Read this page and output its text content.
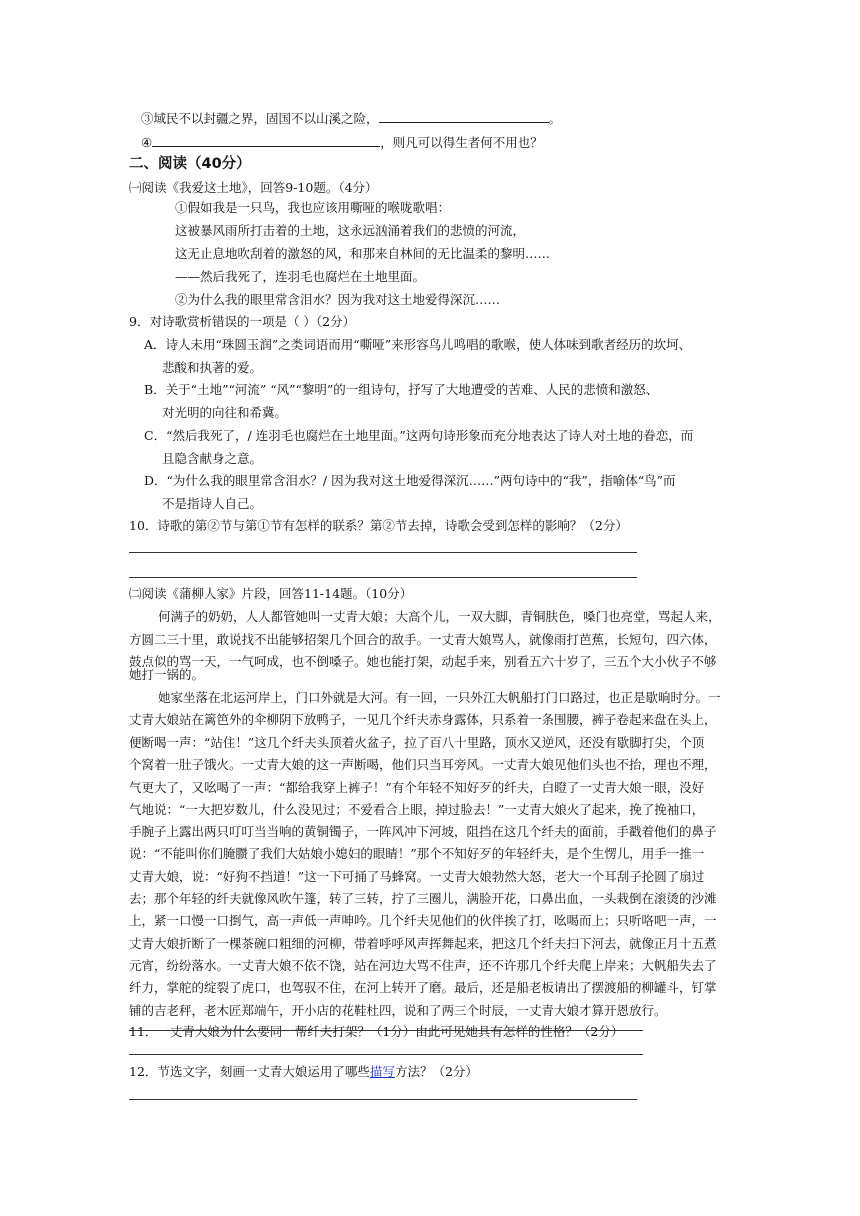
③域民不以封疆之界，固国不以山溪之险，	。
④	，则凡可以得生者何不用也？
二、阅读（40分）
㈠阅读《我爱这土地》，回答9-10题。（4分）
①假如我是一只鸟，我也应该用嘶哑的喉咙歌唱：
这被暴风雨所打击着的土地，这永远汹涌着我们的悲愤的河流，
这无止息地吹刮着的激怒的风，和那来自林间的无比温柔的黎明……
——然后我死了，连羽毛也腐烂在土地里面。
②为什么我的眼里常含泪水？因为我对这土地爱得深沉……
9．对诗歌赏析错误的一项是（ ）（2分）
A．诗人未用“珠圆玉润”之类词语而用“嘶哑”来形容鸟儿鸣唱的歌喉，使人体味到歌者经历的坎坷、
悲酸和执著的爱。
B．关于“土地”“河流” “风”“黎明”的一组诗句，抒写了大地遭受的苦难、人民的悲愤和激怒、
对光明的向往和希冀。
C．“然后我死了，/ 连羽毛也腐烂在土地里面。”这两句诗形象而充分地表达了诗人对土地的眷恋，而
且隐含献身之意。
D．“为什么我的眼里常含泪水？/ 因为我对这土地爱得深沉……”两句诗中的“我”，指喻体“鸟”而
不是指诗人自己。
10．诗歌的第②节与第①节有怎样的联系？第②节去掉，诗歌会受到怎样的影响？（2分）
㈡阅读《蒲柳人家》片段，回答11-14题。（10分）
何满子的奶奶，人人都管她叫一丈青大娘；大高个儿，一双大脚，青铜肤色，嗓门也亮堂，骂起人来，
方圆二三十里，敢说找不出能够招架几个回合的敌手。一丈青大娘骂人，就像雨打芭蕉，长短句，四六体，
鼓点似的骂一天，一气呵成，也不倒嗓子。她也能打架，动起手来，别看五六十岁了，三五个大小伙子不够
她打一锅的。
她家坐落在北运河岸上，门口外就是大河。有一回，一只外江大帆船打门口路过，也正是歇晌时分。一
丈青大娘站在篱笆外的伞柳阴下放鸭子，一见几个纤夫赤身露体，只系着一条围腰，裤子卷起来盘在头上，
便断喝一声：“站住！”这几个纤夫头顶着火盆子，拉了百八十里路，顶水又逆风，还没有歇脚打尖，个顶
个窝着一肚子饿火。一丈青大娘的这一声断喝，他们只当耳旁风。一丈青大娘见他们头也不抬，理也不理，
气更大了，又吆喝了一声：“都给我穿上裤子！”有个年轻不知好歹的纤夫，白瞪了一丈青大娘一眼，没好
气地说：“一大把岁数儿，什么没见过；不爱看合上眼，掉过脸去！”一丈青大娘火了起来，挽了挽袖口，
手腕子上露出两只叮叮当当响的黄铜镯子，一阵风冲下河坡，阻挡在这几个纤夫的面前，手戳着他们的鼻子
说：“不能叫你们腌臜了我们大姑娘小媳妇的眼睛！”那个不知好歹的年轻纤夫，是个生愣儿，用手一推一
丈青大娘，说：“好狗不挡道！”这一下可捅了马蜂窝。一丈青大娘勃然大怒，老大一个耳刮子抡圆了扇过
去；那个年轻的纤夫就像风吹午篷，转了三转，拧了三圈儿，满脸开花，口鼻出血，一头栽倒在滚烫的沙滩
上，紧一口慢一口捯气，高一声低一声呻吟。几个纤夫见他们的伙伴挨了打，吆喝而上；只听咯吧一声，一
丈青大娘折断了一棵茶碗口粗细的河柳，带着呼呼风声挥舞起来，把这几个纤夫扫下河去，就像正月十五煮
元宵，纷纷落水。一丈青大娘不依不饶，站在河边大骂不住声，还不许那几个纤夫爬上岸来；大帆船失去了
纤力，掌舵的绽裂了虎口，也驾驭不住，在河上转开了磨。最后，还是船老板请出了摆渡船的柳罐斗，钉掌
铺的吉老秤，老木匠郑端午，开小店的花鞋杜四，说和了两三个时辰，一丈青大娘才算开恩放行。
11．一丈青大娘为什么要同一帮纤夫打架？（1分）由此可见她具有怎样的性格？（2分）
12．节选文字，刻画一丈青大娘运用了哪些描写方法？（2分）
